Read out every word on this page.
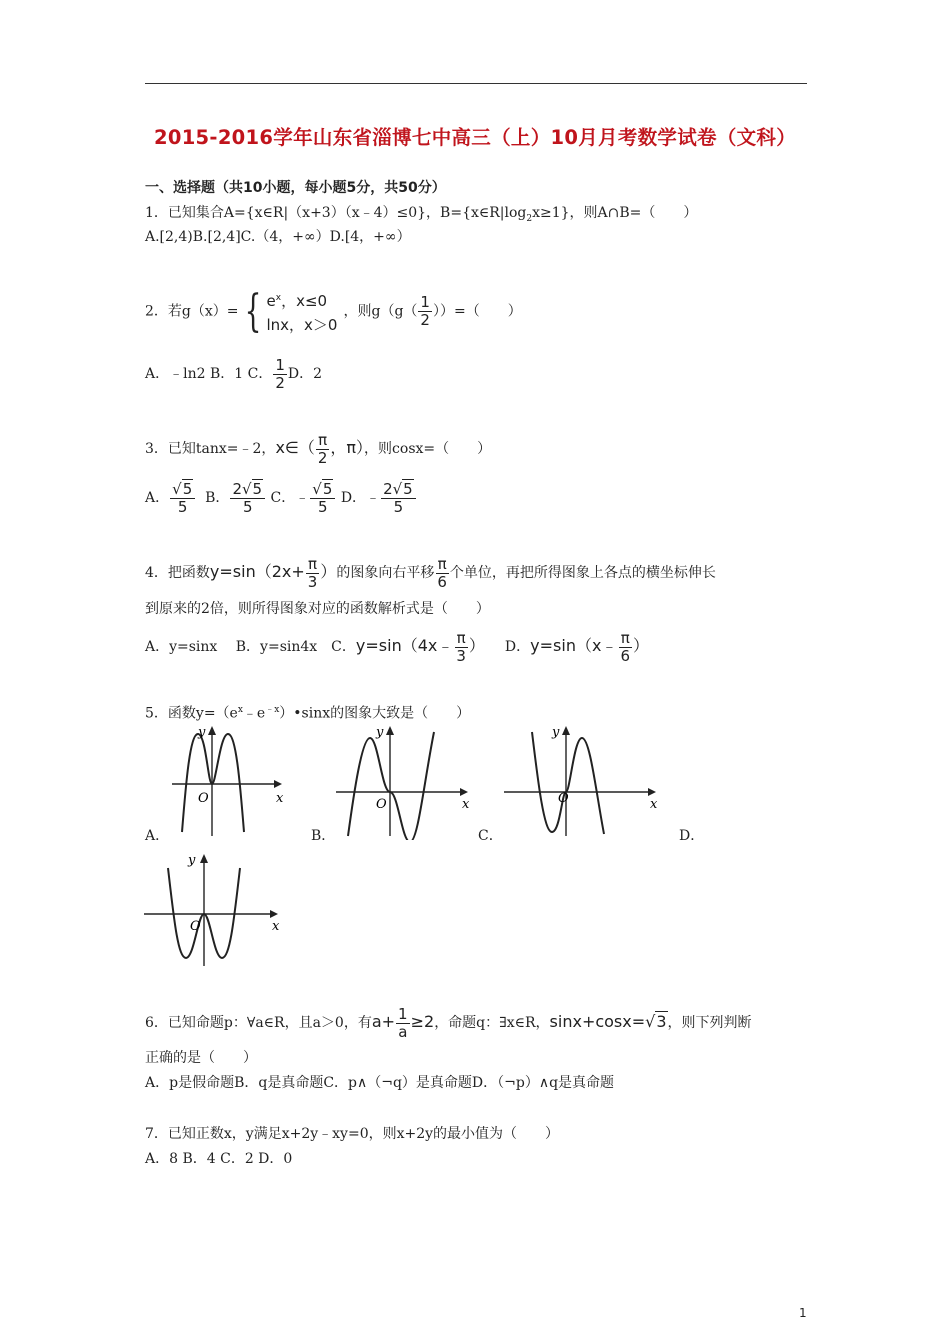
2015-2016学年山东省淄博七中高三（上）10月月考数学试卷（文科）
一、选择题（共10小题，每小题5分，共50分）
1．已知集合A={x∈R|（x+3）（x﹣4）≤0}，$B=\{x\in R|\log_2x\ge 1\}$，则A∩B=（　　）
A.[2,4)B.[2,4]C.（4，+∞）D.[4，+∞）
2．若g（x）= { $e^x$，x≤0
lnx，x＞0
，则$g(g( \frac{1}{2}$ ））=（　　）
A．﹣ln2 B．1 C． $\frac{1}{2}$ D．2
3．已知tanx=﹣2，x∈（ $\frac{\pi}{2}$ ，π），则cosx=（　　）
A． $\frac{√5}{5}$ B． $\frac{2√5}{5}$ C．﹣ $\frac{√5}{5}$ D．﹣ $\frac{2√5}{5}$
4．把函数$y=\sin(2x+ \frac{\pi}{3}$ ）的图象向右平移 $\frac{\pi}{6}$ 个单位，再把所得图象上各点的横坐标伸长
到原来的2倍，则所得图象对应的函数解析式是（　　）
A．y=sinx　 B．y=sin4x　C．y=sin（4x﹣ $\frac{\pi}{3}$ ）　　D．y=sin（x﹣ $\frac{\pi}{6}$ ）
5．函数$y=(e^x﹣e^{﹣x})•\sin x$的图象大致是（　　）
y
x
O
A．
y
x
O
B．
y
x
O
C．	D．
y
x
O
6．已知命题p：∀a∈R，且a＞0，有$a+ \frac{1}{a} \ge 2$，命题q：∃x∈R，sinx+cosx=√3，则下列判断
正确的是（　　）
A．p是假命题B．q是真命题C．p∧（¬q）是真命题D．（¬p）∧q是真命题
7．已知正数x，y满足x+2y﹣xy=0，则x+2y的最小值为（　　）
A．8 B．4 C．2 D．0
1
